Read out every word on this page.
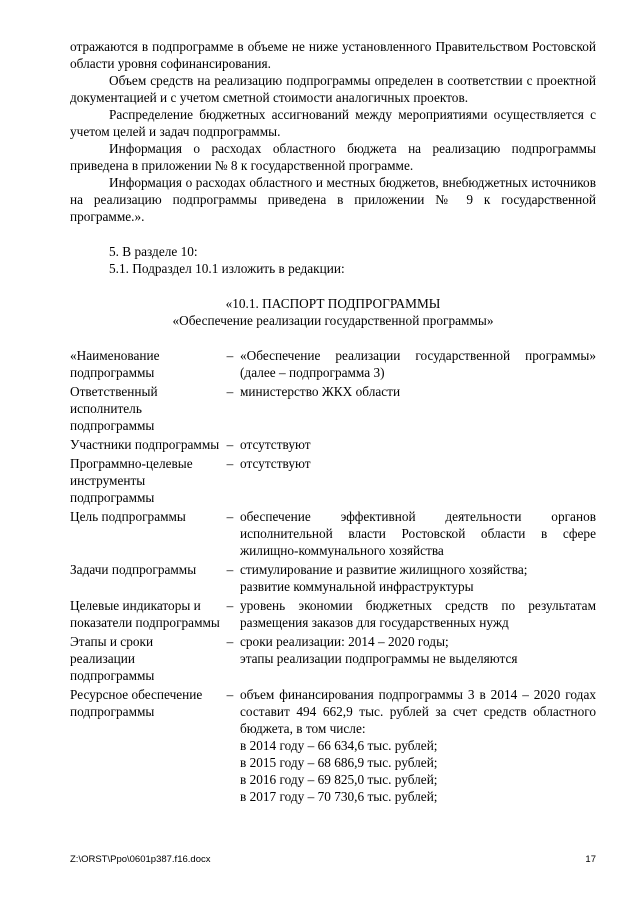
отражаются в подпрограмме в объеме не ниже установленного Правительством Ростовской области уровня софинансирования.

Объем средств на реализацию подпрограммы определен в соответствии с проектной документацией и с учетом сметной стоимости аналогичных проектов.

Распределение бюджетных ассигнований между мероприятиями осуществляется с учетом целей и задач подпрограммы.

Информация о расходах областного бюджета на реализацию подпрограммы приведена в приложении № 8 к государственной программе.

Информация о расходах областного и местных бюджетов, внебюджетных источников на реализацию подпрограммы приведена в приложении № 9 к государственной программе.».

5. В разделе 10:

5.1. Подраздел 10.1 изложить в редакции:

«10.1. ПАСПОРТ ПОДПРОГРАММЫ

«Обеспечение реализации государственной программы»

«Наименование подпрограммы	–	«Обеспечение реализации государственной программы» (далее – подпрограмма 3)

Ответственный исполнитель подпрограммы	–	министерство ЖКХ области

Участники подпрограммы	–	отсутствуют

Программно-целевые инструменты подпрограммы	–	отсутствуют

Цель подпрограммы	–	обеспечение эффективной деятельности органов исполнительной власти Ростовской области в сфере жилищно-коммунального хозяйства

Задачи подпрограммы	–	стимулирование и развитие жилищного хозяйства;
развитие коммунальной инфраструктуры

Целевые индикаторы и показатели подпрограммы	–	уровень экономии бюджетных средств по результатам размещения заказов для государственных нужд

Этапы и сроки реализации подпрограммы	–	сроки реализации: 2014 – 2020 годы;
этапы реализации подпрограммы не выделяются

Ресурсное обеспечение подпрограммы	–	объем финансирования подпрограммы 3 в 2014 – 2020 годах составит 494 662,9 тыс. рублей за счет средств областного бюджета, в том числе:
в 2014 году – 66 634,6 тыс. рублей;
в 2015 году – 68 686,9 тыс. рублей;
в 2016 году – 69 825,0 тыс. рублей;
в 2017 году – 70 730,6 тыс. рублей;
Z:\ORST\Ppo\0601p387.f16.docx	17
